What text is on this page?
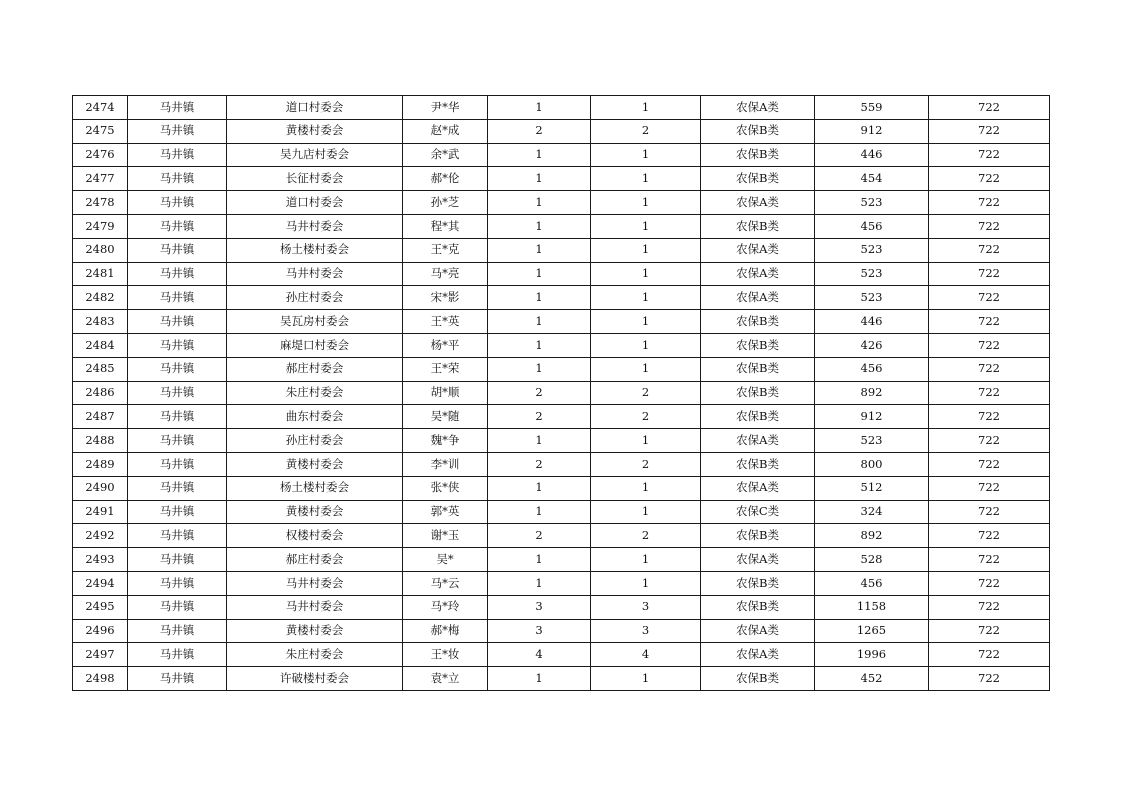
2474	马井镇	道口村委会	尹*华	1	1	农保A类	559	722
2475	马井镇	黄楼村委会	赵*成	2	2	农保B类	912	722
2476	马井镇	吴九店村委会	余*武	1	1	农保B类	446	722
2477	马井镇	长征村委会	郝*伦	1	1	农保B类	454	722
2478	马井镇	道口村委会	孙*芝	1	1	农保A类	523	722
2479	马井镇	马井村委会	程*其	1	1	农保B类	456	722
2480	马井镇	杨土楼村委会	王*克	1	1	农保A类	523	722
2481	马井镇	马井村委会	马*亮	1	1	农保A类	523	722
2482	马井镇	孙庄村委会	宋*影	1	1	农保A类	523	722
2483	马井镇	吴瓦房村委会	王*英	1	1	农保B类	446	722
2484	马井镇	麻堤口村委会	杨*平	1	1	农保B类	426	722
2485	马井镇	郝庄村委会	王*荣	1	1	农保B类	456	722
2486	马井镇	朱庄村委会	胡*顺	2	2	农保B类	892	722
2487	马井镇	曲东村委会	吴*随	2	2	农保B类	912	722
2488	马井镇	孙庄村委会	魏*争	1	1	农保A类	523	722
2489	马井镇	黄楼村委会	李*训	2	2	农保B类	800	722
2490	马井镇	杨土楼村委会	张*侠	1	1	农保A类	512	722
2491	马井镇	黄楼村委会	郭*英	1	1	农保C类	324	722
2492	马井镇	权楼村委会	谢*玉	2	2	农保B类	892	722
2493	马井镇	郝庄村委会	吴*	1	1	农保A类	528	722
2494	马井镇	马井村委会	马*云	1	1	农保B类	456	722
2495	马井镇	马井村委会	马*玲	3	3	农保B类	1158	722
2496	马井镇	黄楼村委会	郝*梅	3	3	农保A类	1265	722
2497	马井镇	朱庄村委会	王*妆	4	4	农保A类	1996	722
2498	马井镇	许破楼村委会	袁*立	1	1	农保B类	452	722
